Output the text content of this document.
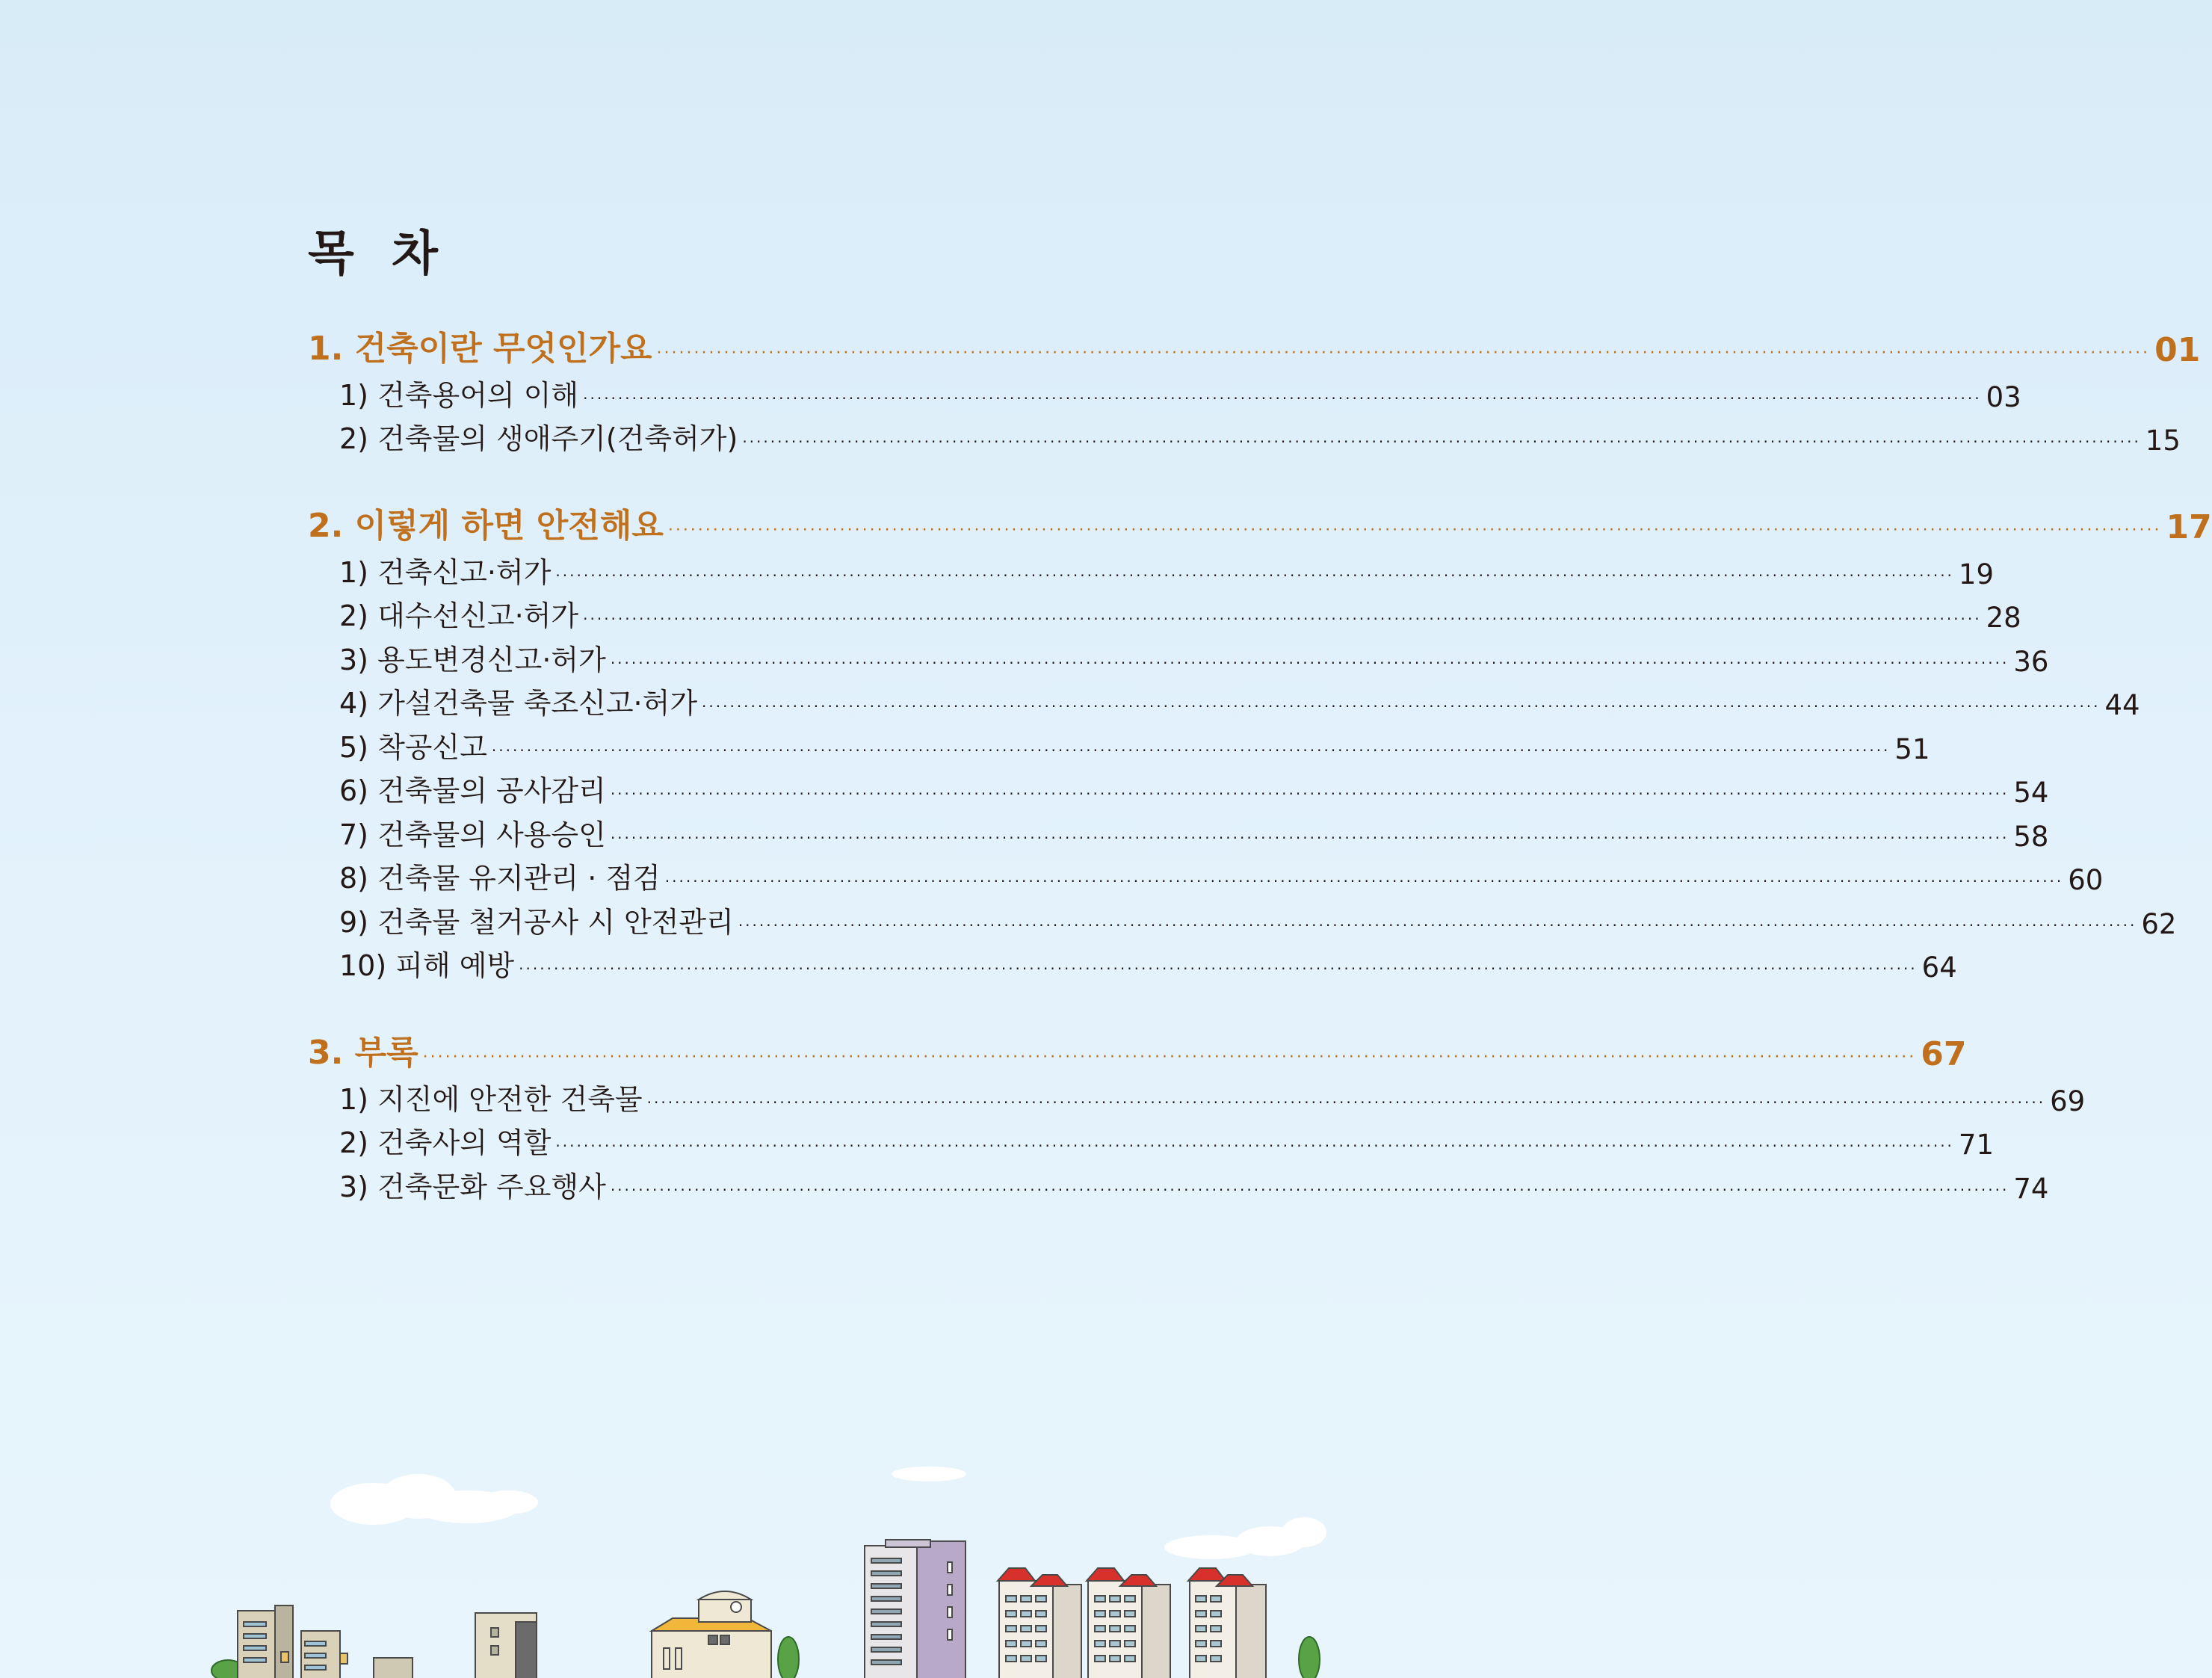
목 차
1. 건축이란 무엇인가요 ········································································································································································································ 01
1) 건축용어의 이해 ········································································································································································································ 03
2) 건축물의 생애주기(건축허가) ········································································································································································································ 15
2. 이렇게 하면 안전해요 ········································································································································································································ 17
1) 건축신고·허가 ········································································································································································································ 19
2) 대수선신고·허가 ········································································································································································································ 28
3) 용도변경신고·허가 ········································································································································································································ 36
4) 가설건축물 축조신고·허가 ········································································································································································································ 44
5) 착공신고 ········································································································································································································ 51
6) 건축물의 공사감리 ········································································································································································································ 54
7) 건축물의 사용승인 ········································································································································································································ 58
8) 건축물 유지관리 · 점검 ········································································································································································································ 60
9) 건축물 철거공사 시 안전관리 ········································································································································································································ 62
10) 피해 예방 ········································································································································································································ 64
3. 부록 ········································································································································································································ 67
1) 지진에 안전한 건축물 ········································································································································································································ 69
2) 건축사의 역할 ········································································································································································································ 71
3) 건축문화 주요행사 ········································································································································································································ 74
